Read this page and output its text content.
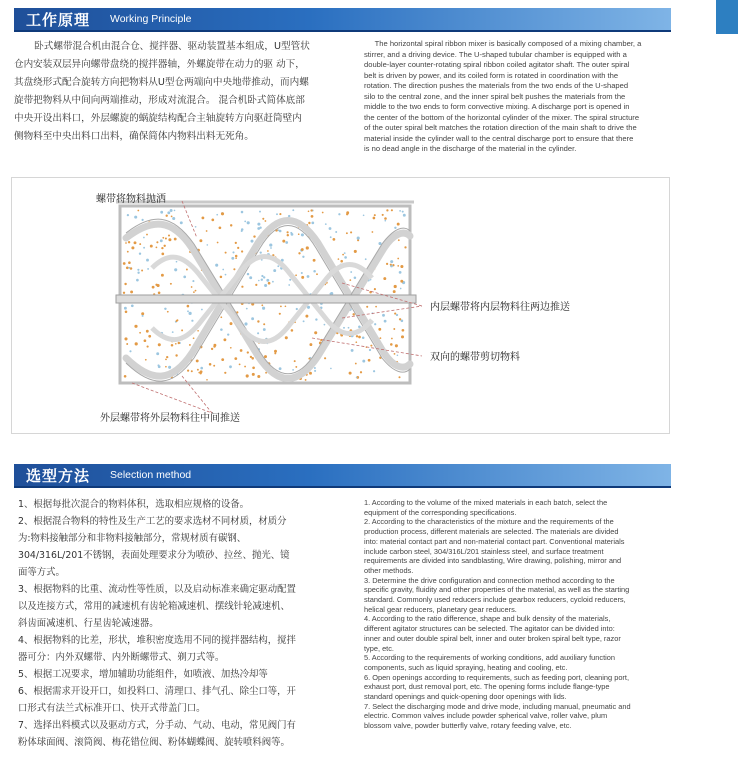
工作原理 Working Principle

卧式螺带混合机由混合仓、搅拌器、驱动装置基本组成，U型管状

仓内安装双层异向螺带盘绕的搅拌器轴，外螺旋带在动力的驱 动下，

其盘绕形式配合旋转方向把物料从U型仓两端向中央地带推动，而内螺

旋带把物料从中间向两端推动，形成对流混合。 混合机卧式简体底部

中央开设出料口，外层螺旋的蜗旋结构配合主轴旋转方向驱赶筒壁内

侧物料至中央出料口出料，确保简体内物料出料无死角。

The horizontal spiral ribbon mixer is basically composed of a mixing chamber, a

stirrer, and a driving device. The U-shaped tubular chamber is equipped with a

double-layer counter-rotating spiral ribbon coiled agitator shaft. The outer spiral

belt is driven by power, and its coiled form is rotated in coordination with the

rotation. The direction pushes the materials from the two ends of the U-shaped

silo to the central zone, and the inner spiral belt pushes the materials from the

middle to the two ends to form convective mixing. A discharge port is opened in

the center of the bottom of the horizontal cylinder of the mixer. The spiral structure

of the outer spiral belt matches the rotation direction of the main shaft to drive the

material inside the cylinder wall to the central discharge port to ensure that there

is no dead angle in the discharge of the material in the cylinder.

螺带将物料抛洒
内层螺带将内层物料往两边推送
双向的螺带剪切物料
外层螺带将外层物料往中间推送
选型方法 Selection method

1、根据每批次混合的物料体积，选取相应规格的设备。

2、根据混合物料的特性及生产工艺的要求选材不同材质，材质分

为:物料接触部分和非物料接触部分，常规材质有碳钢、

304/316L/201不锈钢，表面处理要求分为喷砂、拉丝、抛光、镜

面等方式。

3、根据物料的比重、流动性等性质，以及启动标准来确定驱动配置

以及连接方式，常用的减速机有齿轮箱减速机、摆线针轮减速机、

斜齿面减速机、行星齿轮减速器。

4、根据物料的比差，形状，堆积密度选用不同的搅拌器结构，搅拌

器可分：内外双螺带、内外断螺带式、剃刀式等。

5、根据工况要求，增加辅助功能组件，如喷液、加热冷却等

6、根据需求开设开口，如投料口、清理口、排气孔、除尘口等，开

口形式有法兰式标准开口、快开式带盖门口。

7、选择出料模式以及驱动方式，分手动、气动、电动，常见阀门有

粉体球面阀、滚筒阀、梅花错位阀、粉体蝴蝶阀、旋转喷料阀等。

1. According to the volume of the mixed materials in each batch, select the

equipment of the corresponding specifications.

2. According to the characteristics of the mixture and the requirements of the

production process, different materials are selected. The materials are divided

into: material contact part and non-material contact part. Conventional materials

include carbon steel, 304/316L/201 stainless steel, and surface treatment

requirements are divided into sandblasting, Wire drawing, polishing, mirror and

other methods.

3. Determine the drive configuration and connection method according to the

specific gravity, fluidity and other properties of the material, as well as the starting

standard. Commonly used reducers include gearbox reducers, cycloid reducers,

helical gear reducers, planetary gear reducers.

4. According to the ratio difference, shape and bulk density of the materials,

different agitator structures can be selected. The agitator can be divided into:

inner and outer double spiral belt, inner and outer broken spiral belt type, razor

type, etc.

5. According to the requirements of working conditions, add auxiliary function

components, such as liquid spraying, heating and cooling, etc.

6. Open openings according to requirements, such as feeding port, cleaning port,

exhaust port, dust removal port, etc. The opening forms include flange-type

standard openings and quick-opening door openings with lids.

7. Select the discharging mode and drive mode, including manual, pneumatic and

electric. Common valves include powder spherical valve, roller valve, plum

blossom valve, powder butterfly valve, rotary feeding valve, etc.
